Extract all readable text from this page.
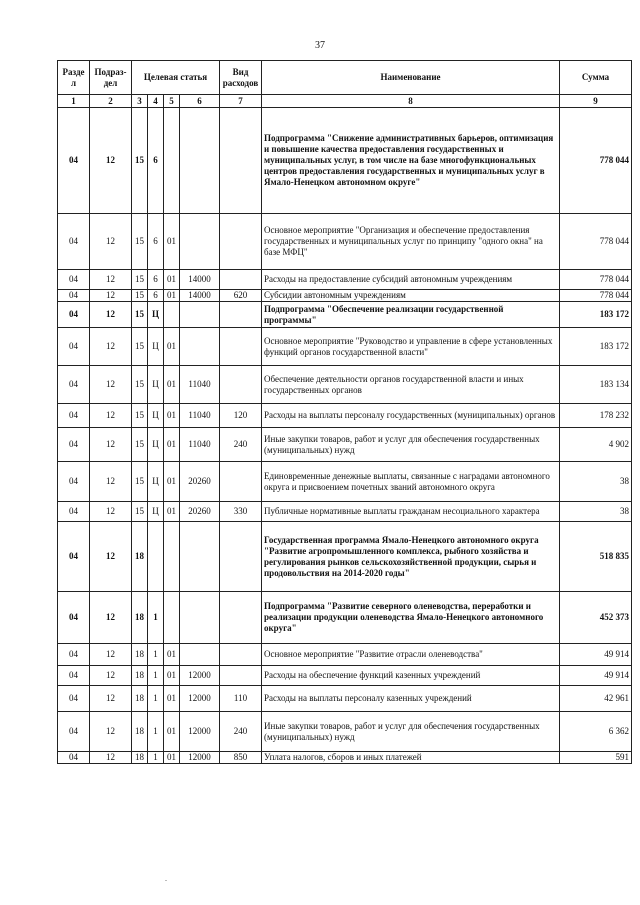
37
Разде л	Подраз-дел	Целевая статья				Вид расходов	Наименование	Сумма
1	2	3	4	5	6	7	8	9
04	12	15	6				Подпрограмма "Снижение административных барьеров, оптимизация и повышение качества предоставления государственных и муниципальных услуг, в том числе на базе многофункциональных центров предоставления государственных и муниципальных услуг в Ямало-Ненецком автономном округе"	778 044
04	12	15	6	01			Основное мероприятие "Организация и обеспечение предоставления государственных и муниципальных услуг по принципу "одного окна" на базе МФЦ"	778 044
04	12	15	6	01	14000		Расходы на предоставление субсидий автономным учреждениям	778 044
04	12	15	6	01	14000	620	Субсидии автономным учреждениям	778 044
04	12	15	Ц				Подпрограмма "Обеспечение реализации государственной программы"	183 172
04	12	15	Ц	01			Основное мероприятие "Руководство и управление в сфере установленных функций органов государственной власти"	183 172
04	12	15	Ц	01	11040		Обеспечение деятельности органов государственной власти и иных государственных органов	183 134
04	12	15	Ц	01	11040	120	Расходы на выплаты персоналу государственных (муниципальных) органов	178 232
04	12	15	Ц	01	11040	240	Иные закупки товаров, работ и услуг для обеспечения государственных (муниципальных) нужд	4 902
04	12	15	Ц	01	20260		Единовременные денежные выплаты, связанные с наградами автономного округа и присвоением почетных званий автономного округа	38
04	12	15	Ц	01	20260	330	Публичные нормативные выплаты гражданам несоциального характера	38
04	12	18					Государственная программа Ямало-Ненецкого автономного округа "Развитие агропромышленного комплекса, рыбного хозяйства и регулирования рынков сельскохозяйственной продукции, сырья и продовольствия на 2014-2020 годы"	518 835
04	12	18	1				Подпрограмма "Развитие северного оленеводства, переработки и реализации продукции оленеводства Ямало-Ненецкого автономного округа"	452 373
04	12	18	1	01			Основное мероприятие "Развитие отрасли оленеводства"	49 914
04	12	18	1	01	12000		Расходы на обеспечение функций казенных учреждений	49 914
04	12	18	1	01	12000	110	Расходы на выплаты персоналу казенных учреждений	42 961
04	12	18	1	01	12000	240	Иные закупки товаров, работ и услуг для обеспечения государственных (муниципальных) нужд	6 362
04	12	18	1	01	12000	850	Уплата налогов, сборов и иных платежей	591
